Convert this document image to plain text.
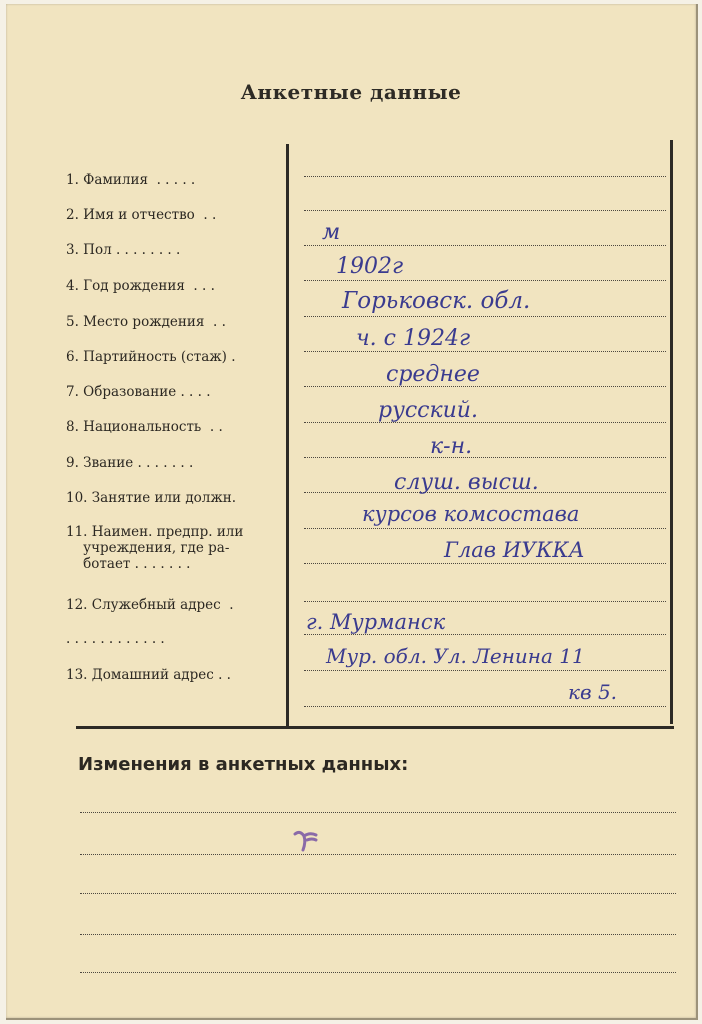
Анкетные данные
1. Фамилия  . . . . .
2. Имя и отчество  . .
3. Пол . . . . . . . .
4. Год рождения  . . .
5. Место рождения  . .
6. Партийность (стаж) .
7. Образование . . . .
8. Национальность  . .
9. Звание . . . . . . .
10. Занятие или должн.
11. Наимен. предпр. или
учреждения, где ра-
ботает . . . . . . .
12. Служебный адрес  .
. . . . . . . . . . . .
13. Домашний адрес . .
м
1902г
Горьковск. обл.
ч. с 1924г
среднее
русский.
к-н.
слуш. высш.
курсов комсостава
Глав ИУККА
г. Мурманск
Мур. обл. Ул. Ленина 11
кв 5.
Изменения в анкетных данных:
